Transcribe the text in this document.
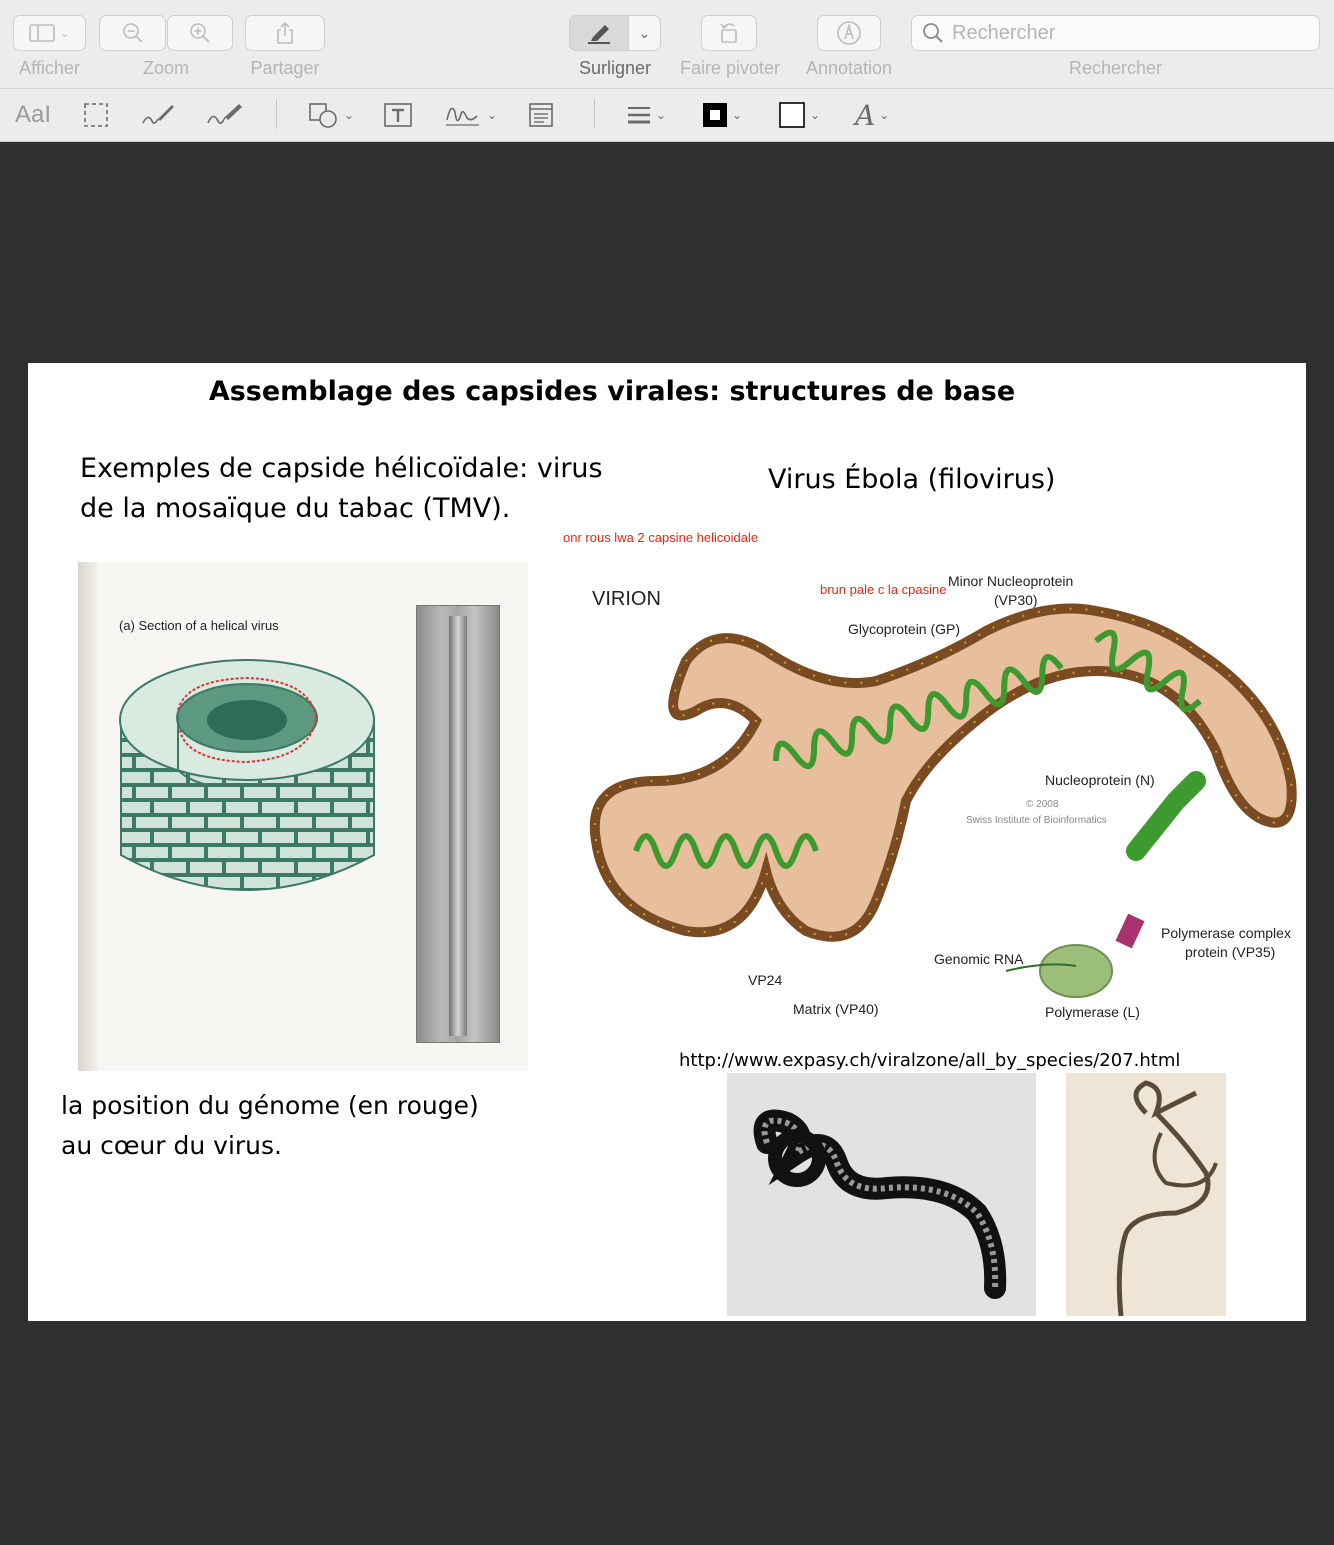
⌄
Afficher	Zoom	Partager
⌄
Surligner	Faire pivoter	Annotation
Rechercher
Rechercher
AaI	⌄	⌄	⌄	⌄	⌄ A ⌄
Assemblage des capsides virales: structures de base
Exemples de capside hélicoïdale: virus
de la mosaïque du tabac (TMV).
Virus Ébola (filovirus)
onr rous lwa 2 capsine helicoidale
(a) Section of a helical virus
la position du génome (en rouge)
au cœur du virus.
VIRION
Minor Nucleoprotein
(VP30)
Glycoprotein (GP)
Nucleoprotein (N)
© 2008
Swiss Institute of Bioinformatics
Polymerase complex
protein (VP35)
Genomic RNA
VP24
Matrix (VP40)	Polymerase (L)
brun pale c la cpasine
http://www.expasy.ch/viralzone/all_by_species/207.html
